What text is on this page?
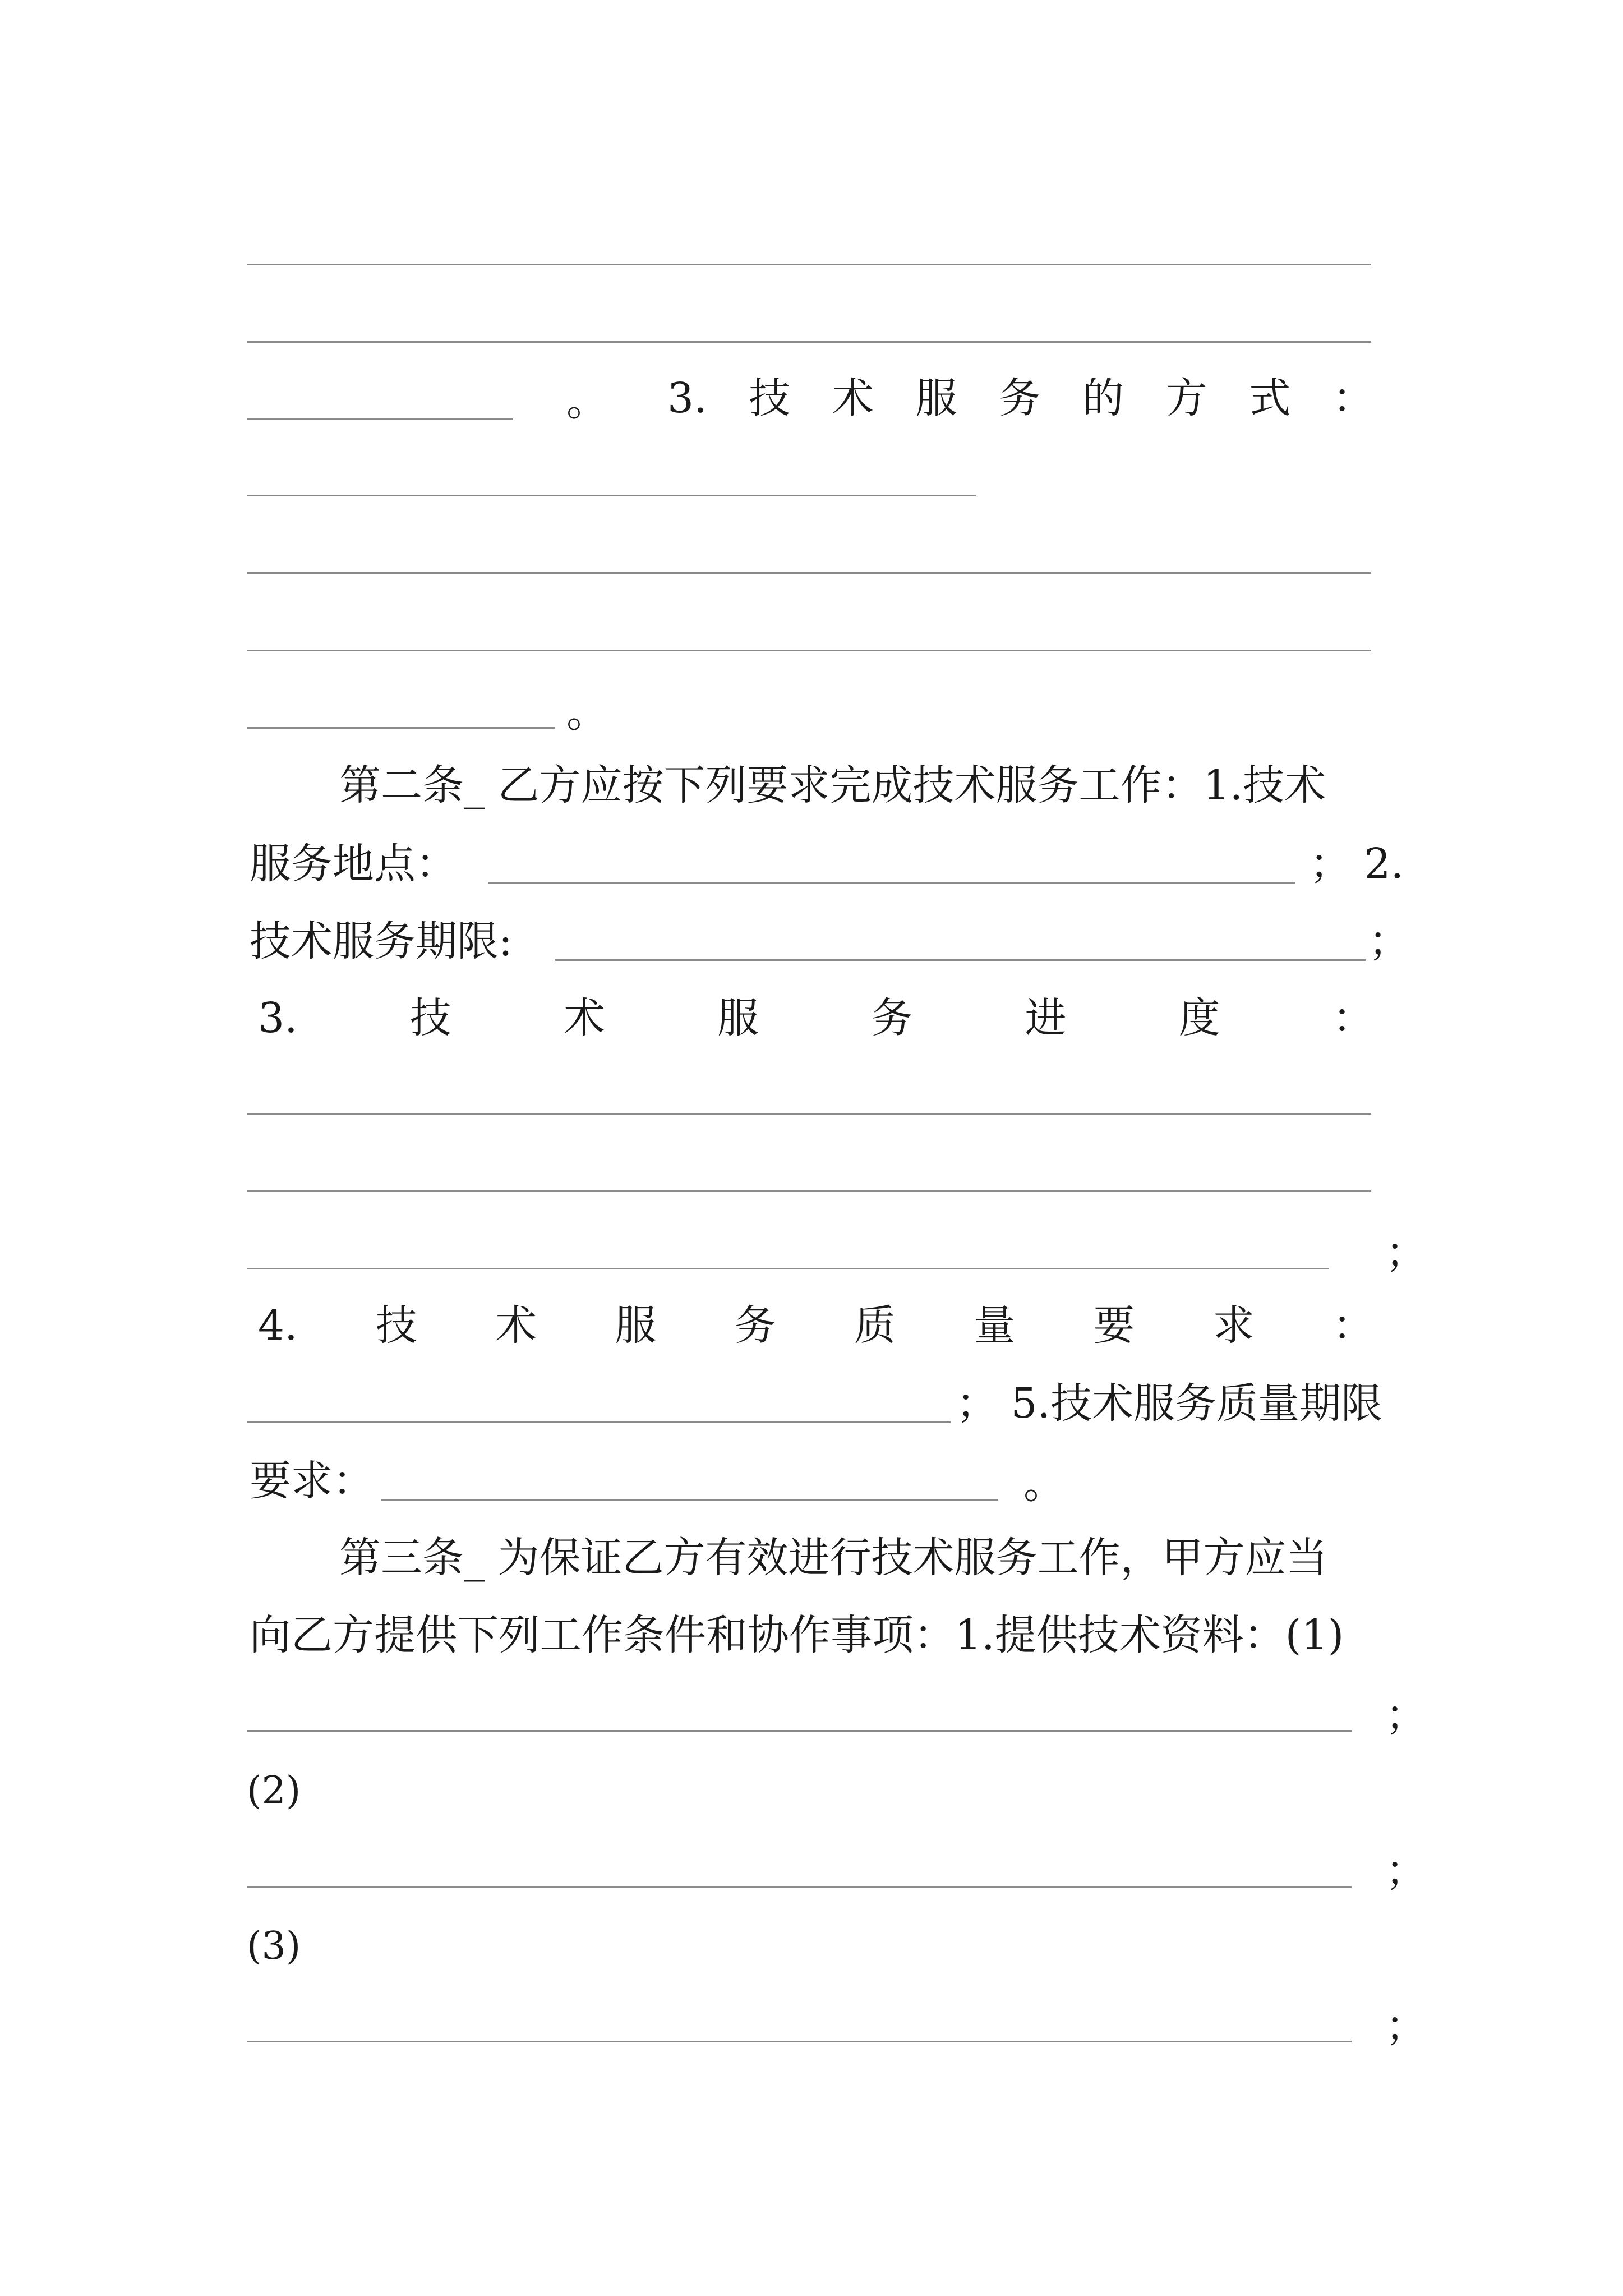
。 3. 技 术 服 务 的 方 式 ：
。
第二条_ 乙方应按下列要求完成技术服务工作：1.技术
服务地点：	； 2.
技术服务期限:	；
3.	技	术	服	务	进	度	：
；
4. 技 术 服 务 质 量 要 求 ：
； 5.技术服务质量期限
要求：	。
第三条_ 为保证乙方有效进行技术服务工作，甲方应当
向乙方提供下列工作条件和协作事项：1.提供技术资料：(1)
；
(2)
；
(3)
；
